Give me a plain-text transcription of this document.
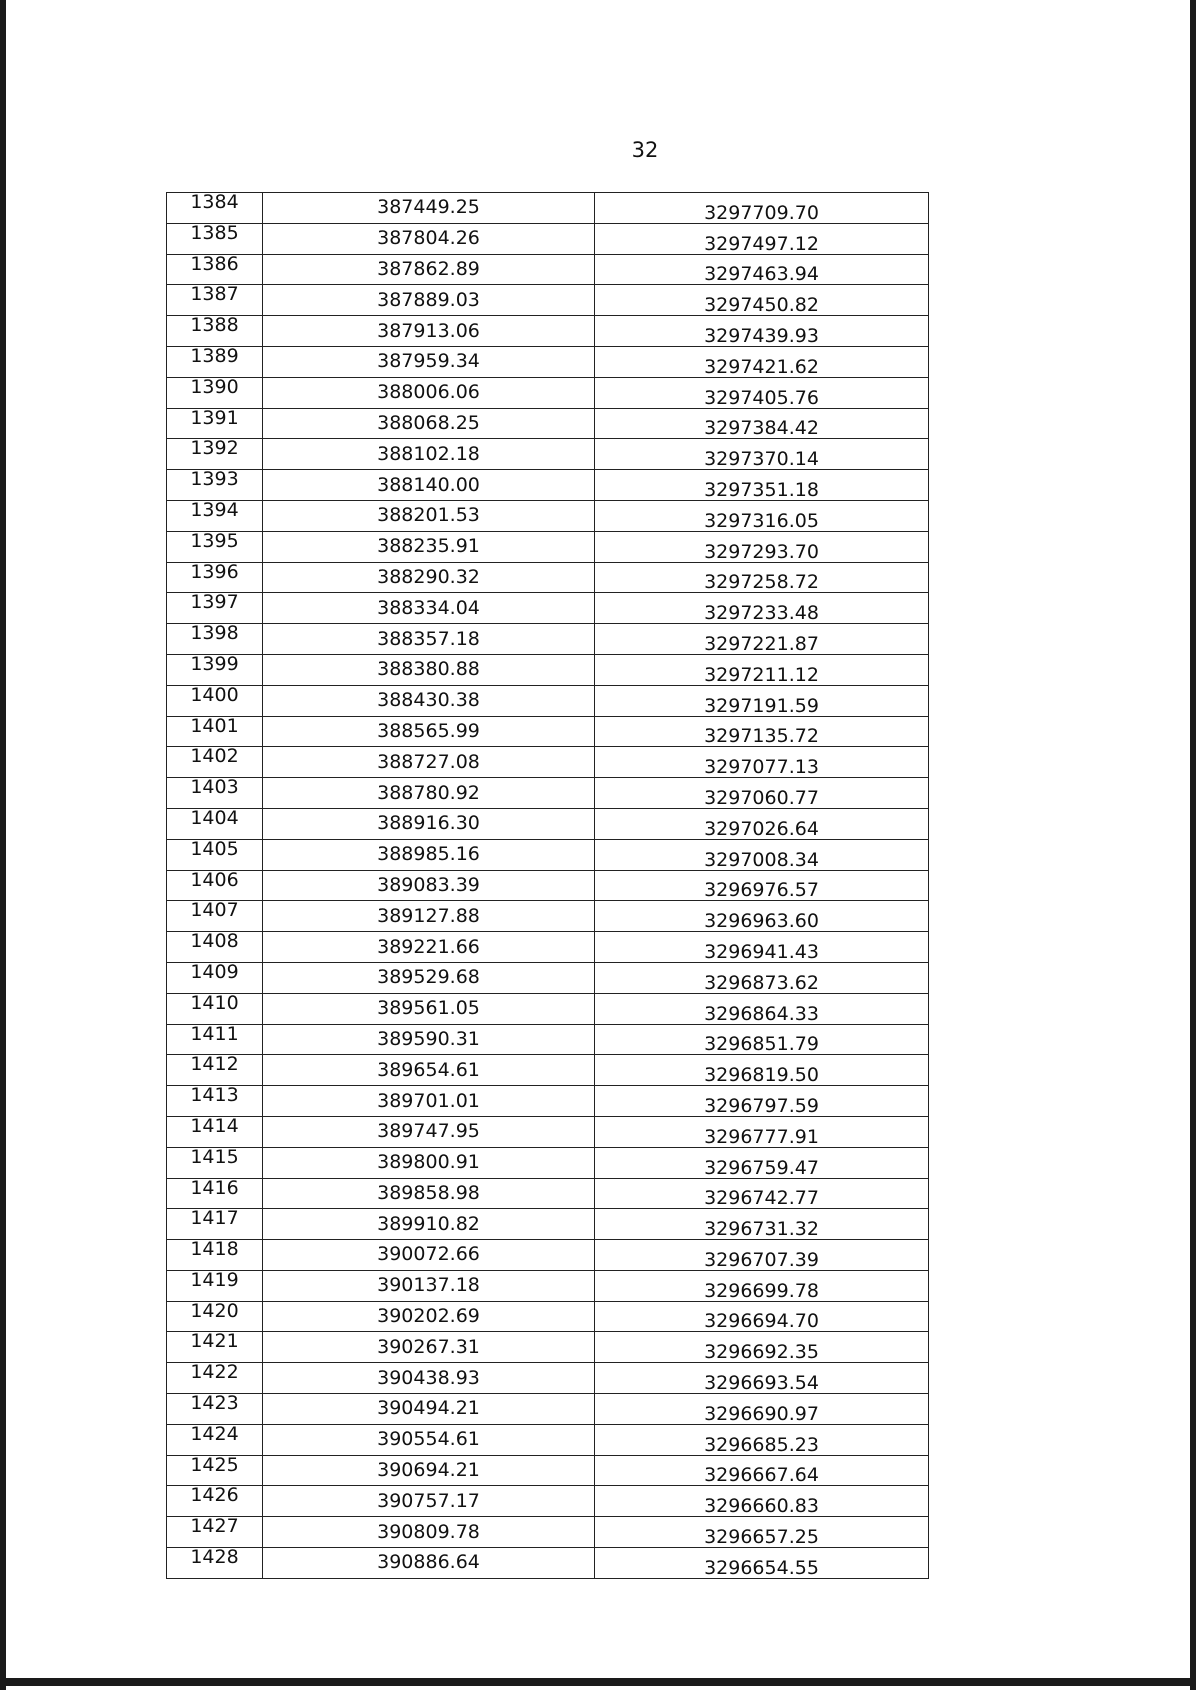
32
1384	387449.25	3297709.70
1385	387804.26	3297497.12
1386	387862.89	3297463.94
1387	387889.03	3297450.82
1388	387913.06	3297439.93
1389	387959.34	3297421.62
1390	388006.06	3297405.76
1391	388068.25	3297384.42
1392	388102.18	3297370.14
1393	388140.00	3297351.18
1394	388201.53	3297316.05
1395	388235.91	3297293.70
1396	388290.32	3297258.72
1397	388334.04	3297233.48
1398	388357.18	3297221.87
1399	388380.88	3297211.12
1400	388430.38	3297191.59
1401	388565.99	3297135.72
1402	388727.08	3297077.13
1403	388780.92	3297060.77
1404	388916.30	3297026.64
1405	388985.16	3297008.34
1406	389083.39	3296976.57
1407	389127.88	3296963.60
1408	389221.66	3296941.43
1409	389529.68	3296873.62
1410	389561.05	3296864.33
1411	389590.31	3296851.79
1412	389654.61	3296819.50
1413	389701.01	3296797.59
1414	389747.95	3296777.91
1415	389800.91	3296759.47
1416	389858.98	3296742.77
1417	389910.82	3296731.32
1418	390072.66	3296707.39
1419	390137.18	3296699.78
1420	390202.69	3296694.70
1421	390267.31	3296692.35
1422	390438.93	3296693.54
1423	390494.21	3296690.97
1424	390554.61	3296685.23
1425	390694.21	3296667.64
1426	390757.17	3296660.83
1427	390809.78	3296657.25
1428	390886.64	3296654.55
